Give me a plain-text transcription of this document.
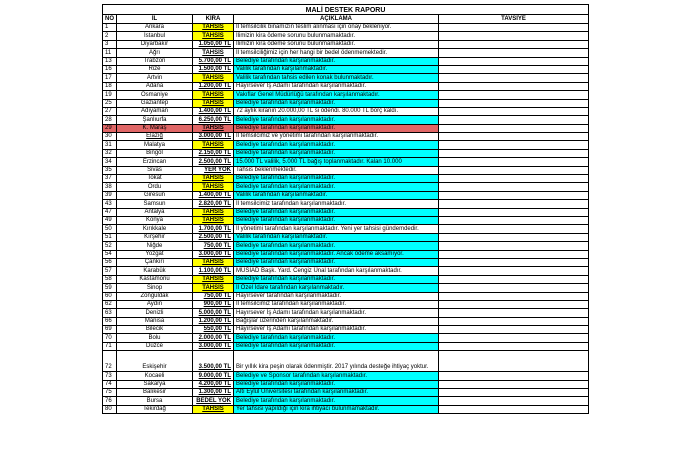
MALİ DESTEK RAPORU				
NO	İL	KİRA	AÇIKLAMA	TAVSİYE
1	Ankara	TAHSİS	İl temsilcilik binamızın teslim alınması için onay bekleniyor.	
2	İstanbul	TAHSİS	İlimizin kira ödeme sorunu bulunmamaktadır.	
3	Diyarbakır	1.050,00 TL	İlimizin kira ödeme sorunu bulunmamaktadır.	
11	Ağrı	TAHSİS	İl temsilciliğimiz için her hangi bir bedel ödenmemektedir.	
13	Trabzon	5.700,00 TL	Belediye tarafından karşılanmaktadır.	
16	Rize	1.500,00 TL	Valilik tarafından karşılanmaktadır.	
17	Artvin	TAHSİS	Valilik tarafından tahsis edilen konak bulunmaktadır.	
18	Adana	1.200,00 TL	Hayırsever İş Adamı tarafından karşılanmaktadır.	
19	Osmaniye	TAHSİS	Vakıflar Genel Müdürlüğü tarafından karşılanmaktadır.	
25	Gaziantep	TAHSİS	Belediye tarafından karşılanmaktadır.	
27	Adıyaman	1.400,00 TL	72 aylık kiranın 20.000,00 TL si ödendi. 80.000 TL borç kaldı.	
28	Şanlıurfa	6.250,00 TL	Belediye tarafından karşılanmaktadır.	
29	K. Maraş	TAHSİS	Belediye tarafından karşılanmaktadır.	
30	Elazığ	3.000,00 TL	İl temsilcimiz ve yönetimi tarafından karşılanmaktadır.	
31	Malatya	TAHSİS	Belediye tarafından karşılanmaktadır.	
32	Bingöl	2.150,00 TL	Belediye tarafından karşılanmaktadır.	
34	Erzincan	2.500,00 TL	15.000 TL valilik, 5.000 TL bağış toplanmaktadır. Kalan 10.000	
35	Sivas	YER YOK	Tahsis beklenmektedir.	
37	Tokat	TAHSİS	Belediye tarafından karşılanmaktadır.	
38	Ordu	TAHSİS	Belediye tarafından karşılanmaktadır.	
39	Giresun	1.400,00 TL	Valilik tarafından karşılanmaktadır.	
43	Samsun	2.820,00 TL	İl temsilcimiz tarafından karşılanmaktadır.	
47	Antalya	TAHSİS	Belediye tarafından karşılanmaktadır.	
49	Konya	TAHSİS	Belediye tarafından karşılanmaktadır.	
50	Kırıkkale	1.700,00 TL	İl yönetimi tarafından karşılanmaktadır. Yeni yer tahsisi gündemdedir.	
51	Kırşehir	2.500,00 TL	Valilik tarafından karşılanmaktadır.	
52	Niğde	750,00 TL	Belediye tarafından karşılanmaktadır.	
54	Yozgat	3.000,00 TL	Belediye tarafından karşılanmaktadır. Ancak ödeme aksamıyor.	
56	Çankırı	TAHSİS	Belediye tarafından karşılanmaktadır.	
57	Karabük	1.100,00 TL	MÜSİAD Başk. Yard. Cengiz Ünal tarafından karşılanmaktadır.	
58	Kastamonu	TAHSİS	Belediye tarafından karşılanmaktadır.	
59	Sinop	TAHSİS	İl Özel İdare tarafından karşılanmaktadır.	
60	Zonguldak	750,00 TL	Hayırsever tarafından karşılanmaktadır.	
62	Aydın	900,00 TL	İl temsilcimiz tarafından karşılanmaktadır.	
63	Denizli	5.000,00 TL	Hayırsever İş Adamı tarafından karşılanmaktadır.	
66	Manisa	1.200,00 TL	Bağışlar üzerinden karşılanmaktadır.	
69	Bilecik	550,00 TL	Hayırsever İş Adamı tarafından karşılanmaktadır.	
70	Bolu	2.000,00 TL	Belediye tarafından karşılanmaktadır.	
71	Düzce	3.000,00 TL	Belediye tarafından karşılanmaktadır.	
72	Eskişehir	3.500,00 TL	Bir yıllık kira peşin olarak ödenmiştir. 2017 yılında desteğe ihtiyaç yoktur.	
73	Kocaeli	9.000,00 TL	Belediye ve Sponsor tarafından karşılanmaktadır.	
74	Sakarya	4.200,00 TL	Belediye tarafından karşılanmaktadır.	
75	Balıkesir	1.300,00 TL	Altı Eylül Üniversitesi tarafından karşılanmaktadır.	
76	Bursa	BEDEL YOK	Belediye tarafından karşılanmaktadır.	
80	Tekirdağ	TAHSİS	Yer tahsisi yapıldığı için kira ihtiyacı bulunmamaktadır.	
